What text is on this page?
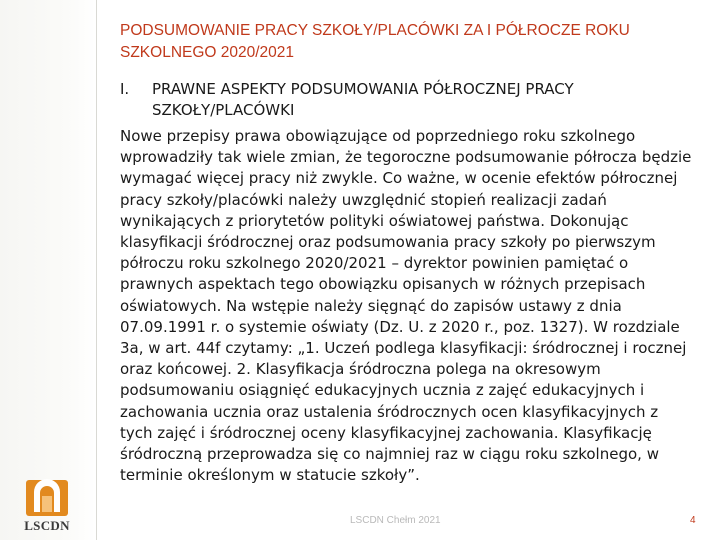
PODSUMOWANIE PRACY SZKOŁY/PLACÓWKI ZA I PÓŁROCZE ROKU SZKOLNEGO 2020/2021
I. PRAWNE ASPEKTY PODSUMOWANIA PÓŁROCZNEJ PRACY SZKOŁY/PLACÓWKI

Nowe przepisy prawa obowiązujące od poprzedniego roku szkolnego wprowadziły tak wiele zmian, że tegoroczne podsumowanie półrocza będzie wymagać więcej pracy niż zwykle. Co ważne, w ocenie efektów półrocznej pracy szkoły/placówki należy uwzględnić stopień realizacji zadań wynikających z priorytetów polityki oświatowej państwa. Dokonując klasyfikacji śródrocznej oraz podsumowania pracy szkoły po pierwszym półroczu roku szkolnego 2020/2021 – dyrektor powinien pamiętać o prawnych aspektach tego obowiązku opisanych w różnych przepisach oświatowych. Na wstępie należy sięgnąć do zapisów ustawy z dnia 07.09.1991 r. o systemie oświaty (Dz. U. z 2020 r., poz. 1327). W rozdziale 3a, w art. 44f czytamy: „1. Uczeń podlega klasyfikacji: śródrocznej i rocznej oraz końcowej. 2. Klasyfikacja śródroczna polega na okresowym podsumowaniu osiągnięć edukacyjnych ucznia z zajęć edukacyjnych i zachowania ucznia oraz ustalenia śródrocznych ocen klasyfikacyjnych z tych zajęć i śródrocznej oceny klasyfikacyjnej zachowania. Klasyfikację śródroczną przeprowadza się co najmniej raz w ciągu roku szkolnego, w terminie określonym w statucie szkoły”.

LSCDN	LSCDN Chełm 2021	4
